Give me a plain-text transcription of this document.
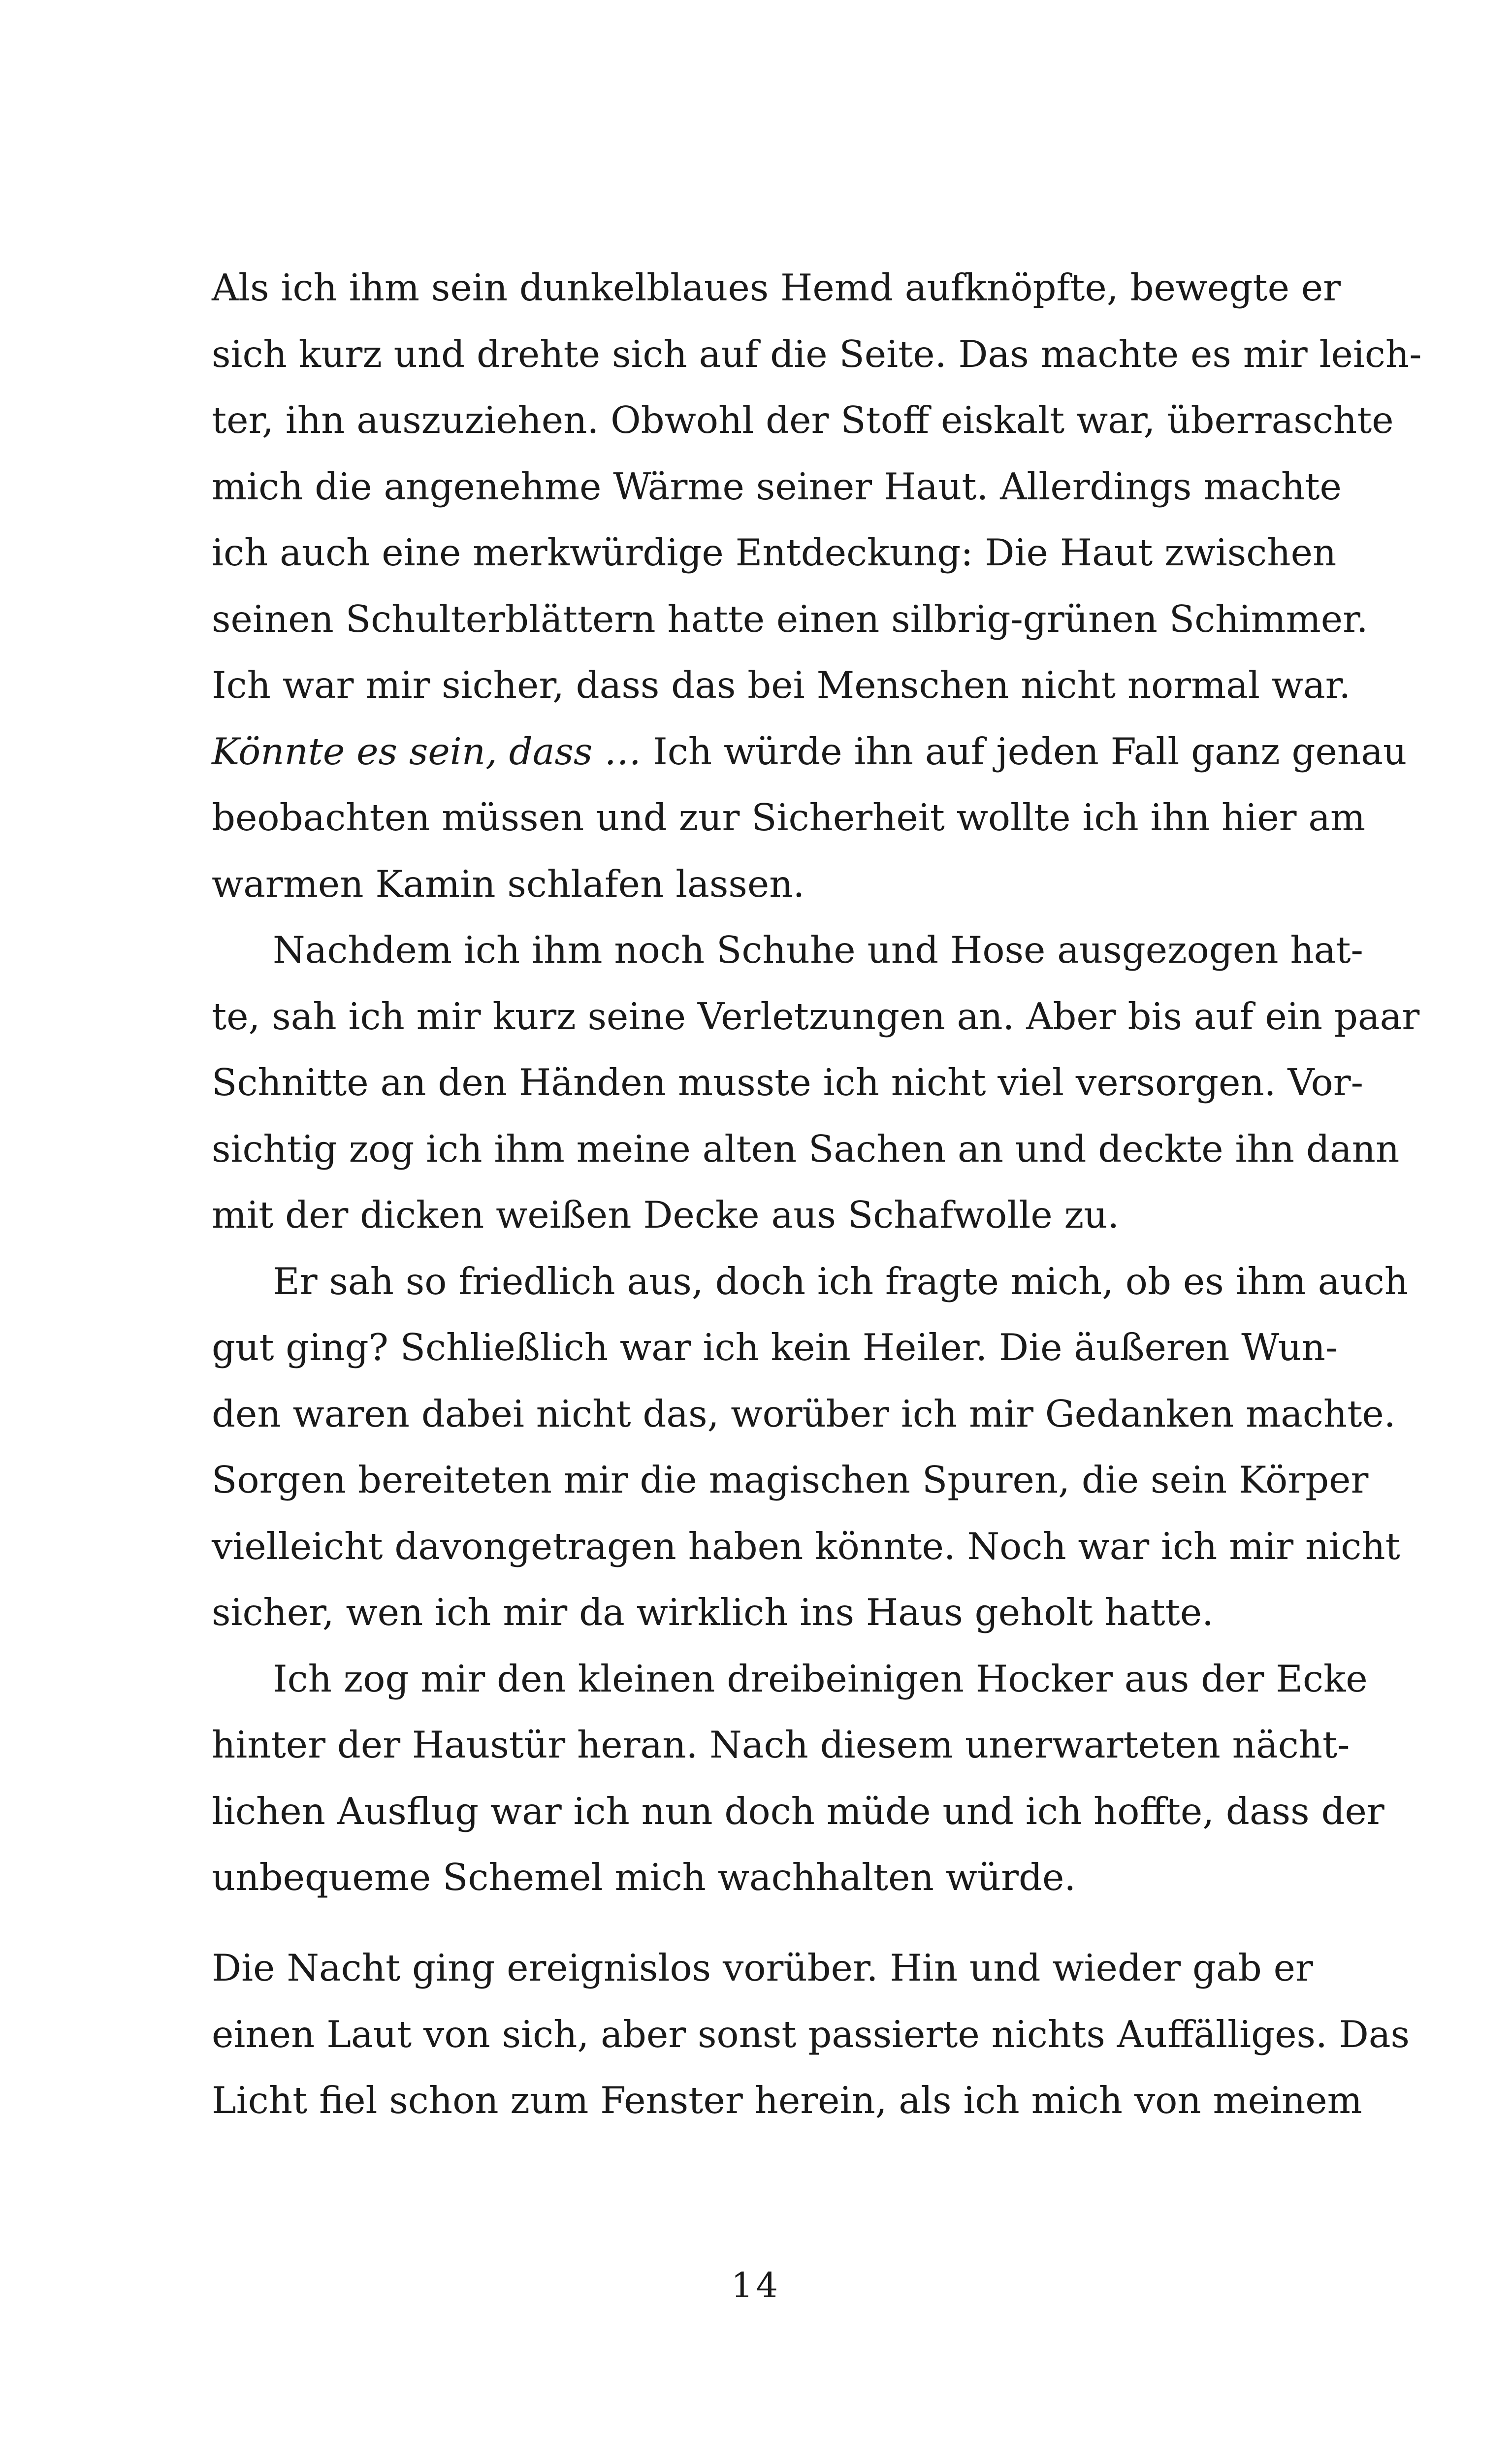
Als ich ihm sein dunkelblaues Hemd aufknöpfte, bewegte er
sich kurz und drehte sich auf die Seite. Das machte es mir leich-
ter, ihn auszuziehen. Obwohl der Stoff eiskalt war, überraschte
mich die angenehme Wärme seiner Haut. Allerdings machte
ich auch eine merkwürdige Entdeckung: Die Haut zwischen
seinen Schulterblättern hatte einen silbrig-grünen Schimmer.
Ich war mir sicher, dass das bei Menschen nicht normal war.
Könnte es sein, dass … Ich würde ihn auf jeden Fall ganz genau
beobachten müssen und zur Sicherheit wollte ich ihn hier am
warmen Kamin schlafen lassen.
Nachdem ich ihm noch Schuhe und Hose ausgezogen hat-
te, sah ich mir kurz seine Verletzungen an. Aber bis auf ein paar
Schnitte an den Händen musste ich nicht viel versorgen. Vor-
sichtig zog ich ihm meine alten Sachen an und deckte ihn dann
mit der dicken weißen Decke aus Schafwolle zu.
Er sah so friedlich aus, doch ich fragte mich, ob es ihm auch
gut ging? Schließlich war ich kein Heiler. Die äußeren Wun-
den waren dabei nicht das, worüber ich mir Gedanken machte.
Sorgen bereiteten mir die magischen Spuren, die sein Körper
vielleicht davongetragen haben könnte. Noch war ich mir nicht
sicher, wen ich mir da wirklich ins Haus geholt hatte.
Ich zog mir den kleinen dreibeinigen Hocker aus der Ecke
hinter der Haustür heran. Nach diesem unerwarteten nächt-
lichen Ausflug war ich nun doch müde und ich hoffte, dass der
unbequeme Schemel mich wachhalten würde.
Die Nacht ging ereignislos vorüber. Hin und wieder gab er
einen Laut von sich, aber sonst passierte nichts Auffälliges. Das
Licht fiel schon zum Fenster herein, als ich mich von meinem
14
